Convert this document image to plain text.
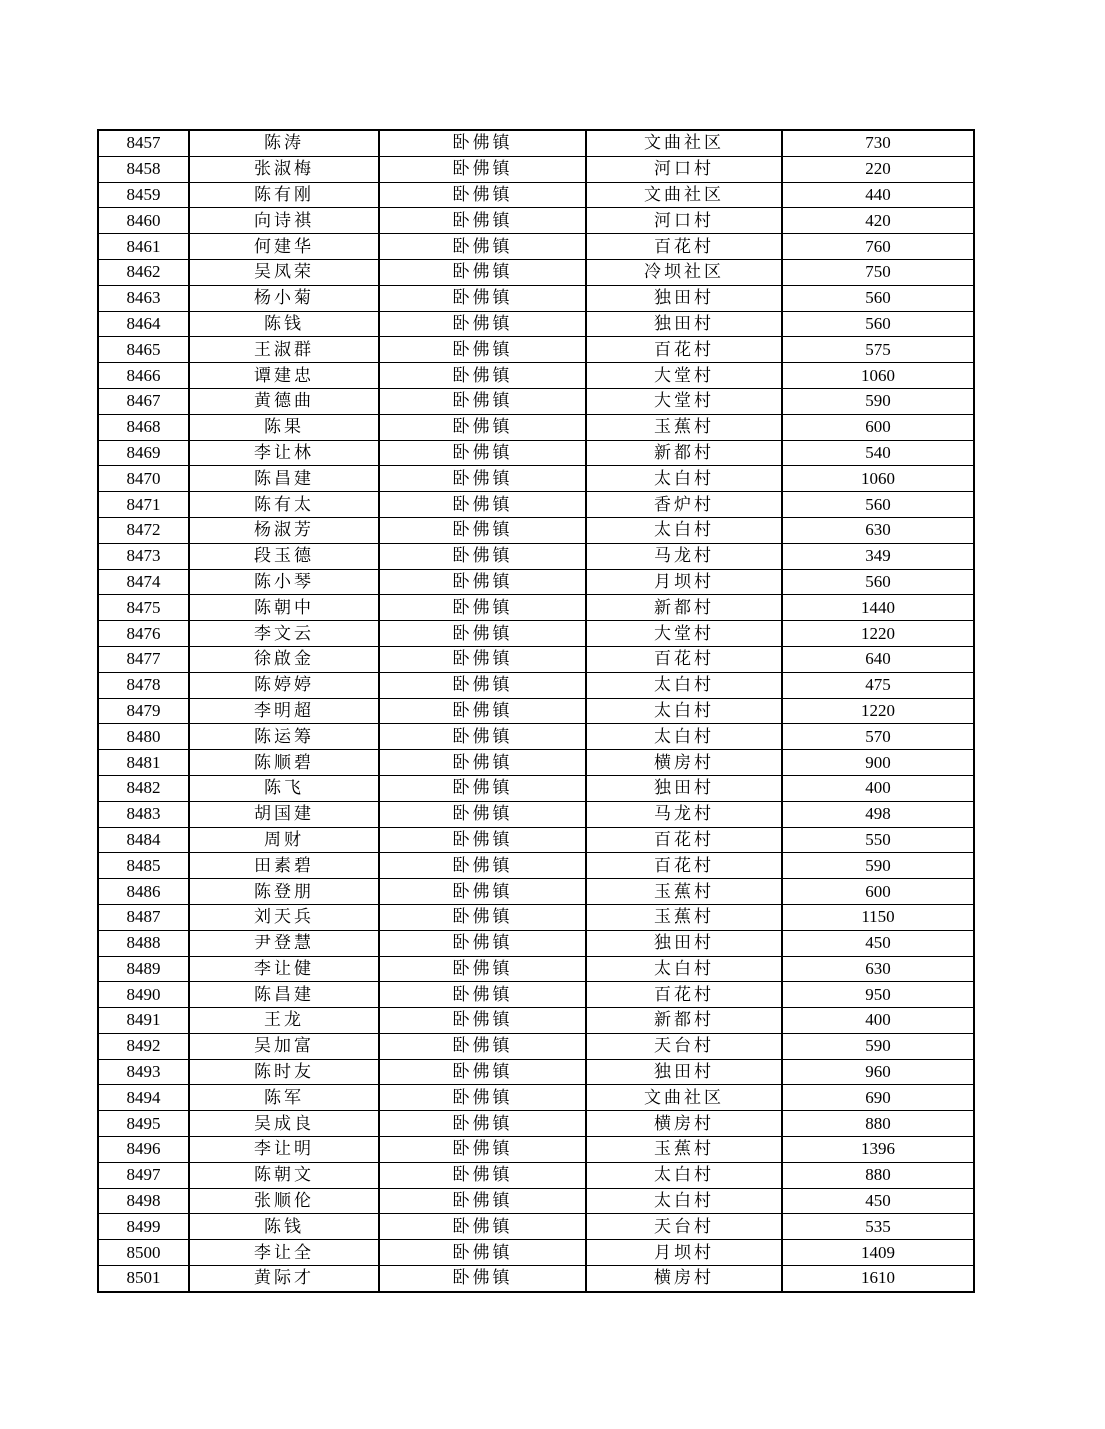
8457	陈涛	卧佛镇	文曲社区	730
8458	张淑梅	卧佛镇	河口村	220
8459	陈有刚	卧佛镇	文曲社区	440
8460	向诗祺	卧佛镇	河口村	420
8461	何建华	卧佛镇	百花村	760
8462	吴凤荣	卧佛镇	冷坝社区	750
8463	杨小菊	卧佛镇	独田村	560
8464	陈钱	卧佛镇	独田村	560
8465	王淑群	卧佛镇	百花村	575
8466	谭建忠	卧佛镇	大堂村	1060
8467	黄德曲	卧佛镇	大堂村	590
8468	陈果	卧佛镇	玉蕉村	600
8469	李让林	卧佛镇	新都村	540
8470	陈昌建	卧佛镇	太白村	1060
8471	陈有太	卧佛镇	香炉村	560
8472	杨淑芳	卧佛镇	太白村	630
8473	段玉德	卧佛镇	马龙村	349
8474	陈小琴	卧佛镇	月坝村	560
8475	陈朝中	卧佛镇	新都村	1440
8476	李文云	卧佛镇	大堂村	1220
8477	徐啟金	卧佛镇	百花村	640
8478	陈婷婷	卧佛镇	太白村	475
8479	李明超	卧佛镇	太白村	1220
8480	陈运筹	卧佛镇	太白村	570
8481	陈顺碧	卧佛镇	横房村	900
8482	陈飞	卧佛镇	独田村	400
8483	胡国建	卧佛镇	马龙村	498
8484	周财	卧佛镇	百花村	550
8485	田素碧	卧佛镇	百花村	590
8486	陈登朋	卧佛镇	玉蕉村	600
8487	刘天兵	卧佛镇	玉蕉村	1150
8488	尹登慧	卧佛镇	独田村	450
8489	李让健	卧佛镇	太白村	630
8490	陈昌建	卧佛镇	百花村	950
8491	王龙	卧佛镇	新都村	400
8492	吴加富	卧佛镇	天台村	590
8493	陈时友	卧佛镇	独田村	960
8494	陈军	卧佛镇	文曲社区	690
8495	吴成良	卧佛镇	横房村	880
8496	李让明	卧佛镇	玉蕉村	1396
8497	陈朝文	卧佛镇	太白村	880
8498	张顺伦	卧佛镇	太白村	450
8499	陈钱	卧佛镇	天台村	535
8500	李让全	卧佛镇	月坝村	1409
8501	黄际才	卧佛镇	横房村	1610
